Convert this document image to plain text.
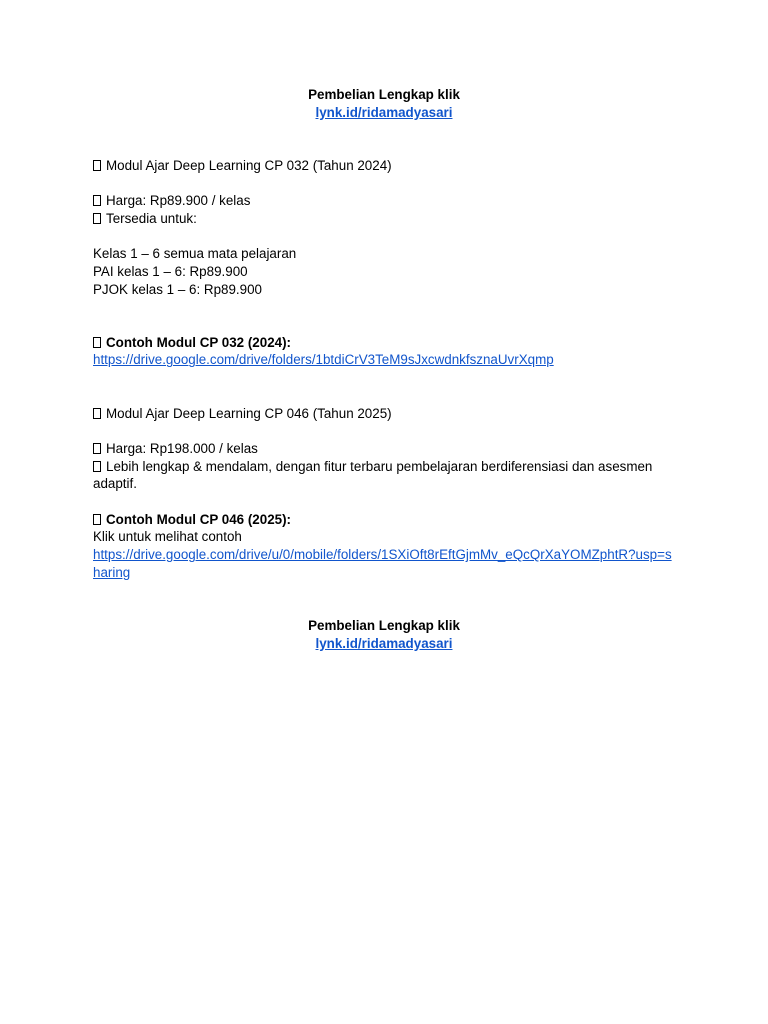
Pembelian Lengkap klik
lynk.id/ridamadyasari
Modul Ajar Deep Learning CP 032 (Tahun 2024)
Harga: Rp89.900 / kelas
Tersedia untuk:
Kelas 1 – 6 semua mata pelajaran
PAI kelas 1 – 6: Rp89.900
PJOK kelas 1 – 6: Rp89.900
Contoh Modul CP 032 (2024):
https://drive.google.com/drive/folders/1btdiCrV3TeM9sJxcwdnkfsznaUvrXqmp
Modul Ajar Deep Learning CP 046 (Tahun 2025)
Harga: Rp198.000 / kelas
Lebih lengkap & mendalam, dengan fitur terbaru pembelajaran berdiferensiasi dan asesmen adaptif.
Contoh Modul CP 046 (2025):
Klik untuk melihat contoh
https://drive.google.com/drive/u/0/mobile/folders/1SXiOft8rEftGjmMv_eQcQrXaYOMZphtR?usp=sharing
Pembelian Lengkap klik
lynk.id/ridamadyasari
